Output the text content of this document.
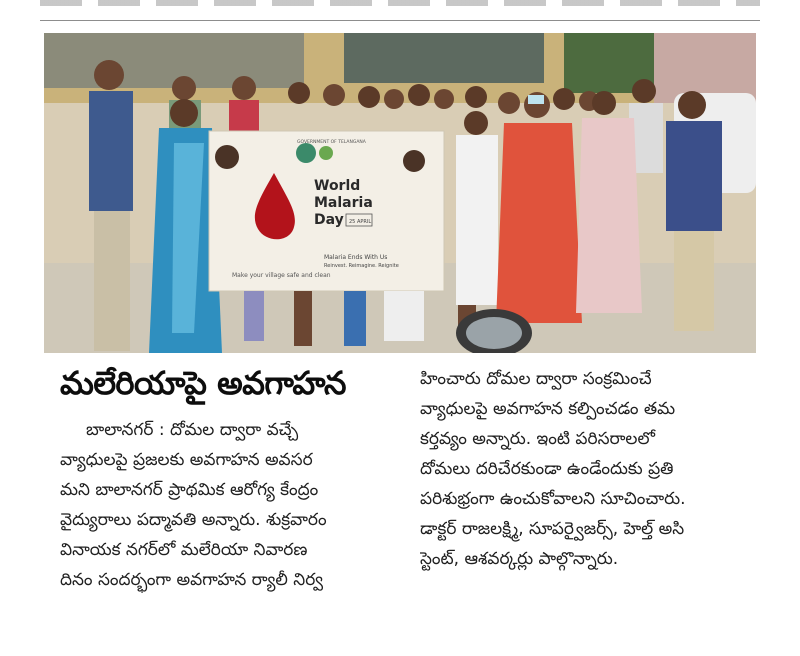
Make your village safe and clean
World
Malaria
Day 25 APRIL
GOVERNMENT OF TELANGANA
Malaria Ends With Us
Reinvest. Reimagine. Reignite
మలేరియాపై అవగాహన

బాలానగర్ : దోమల ద్వారా వచ్చే

వ్యాధులపై ప్రజలకు అవగాహన అవసర

మని బాలానగర్ ప్రాథమిక ఆరోగ్య కేంద్రం

వైద్యురాలు పద్మావతి అన్నారు. శుక్రవారం

వినాయక నగర్‌లో మలేరియా నివారణ

దినం సందర్భంగా అవగాహన ర్యాలీ నిర్వ

హించారు దోమల ద్వారా సంక్రమించే

వ్యాధులపై అవగాహన కల్పించడం తమ

కర్తవ్యం అన్నారు. ఇంటి పరిసరాలలో

దోమలు దరిచేరకుండా ఉండేందుకు ప్రతి

పరిశుభ్రంగా ఉంచుకోవాలని సూచించారు.

డాక్టర్ రాజలక్ష్మి, సూపర్వైజర్స్, హెల్త్ అసి

స్టెంట్, ఆశవర్కర్లు పాల్గొన్నారు.
